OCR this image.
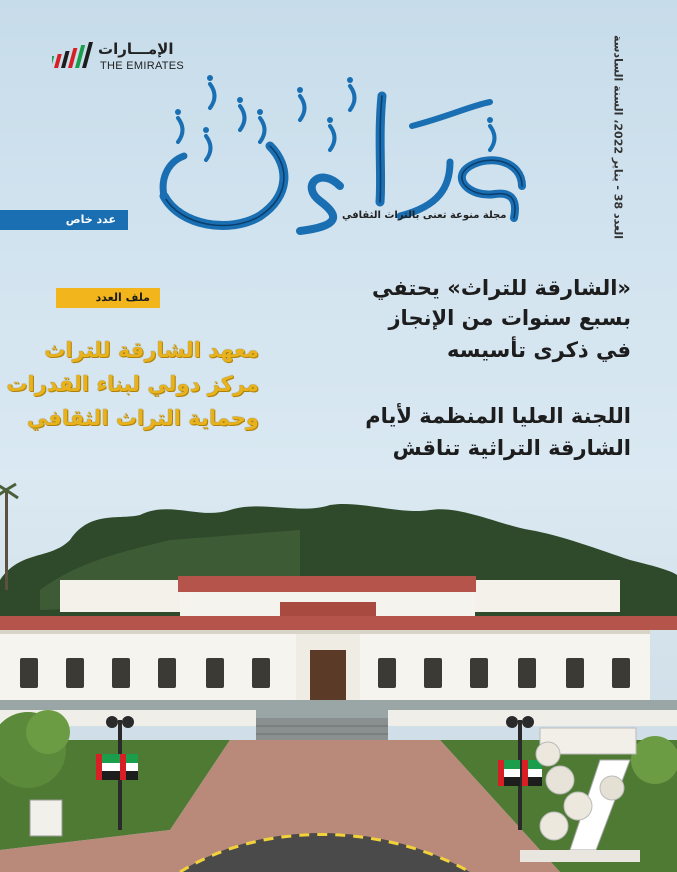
الإمـــارات
THE EMIRATES
مجلة منوعة تعنى بالتراث الثقافي
العدد 38 - يناير 2022، السنة السادسة
عدد خاص
«الشارقة للتراث» يحتفي
بسبع سنوات من الإنجاز
في ذكرى تأسيسه
اللجنة العليا المنظمة لأيام
الشارقة التراثية تناقش
ملف العدد
معهد الشارقة للتراث
مركز دولي لبناء القدرات
وحماية التراث الثقافي
